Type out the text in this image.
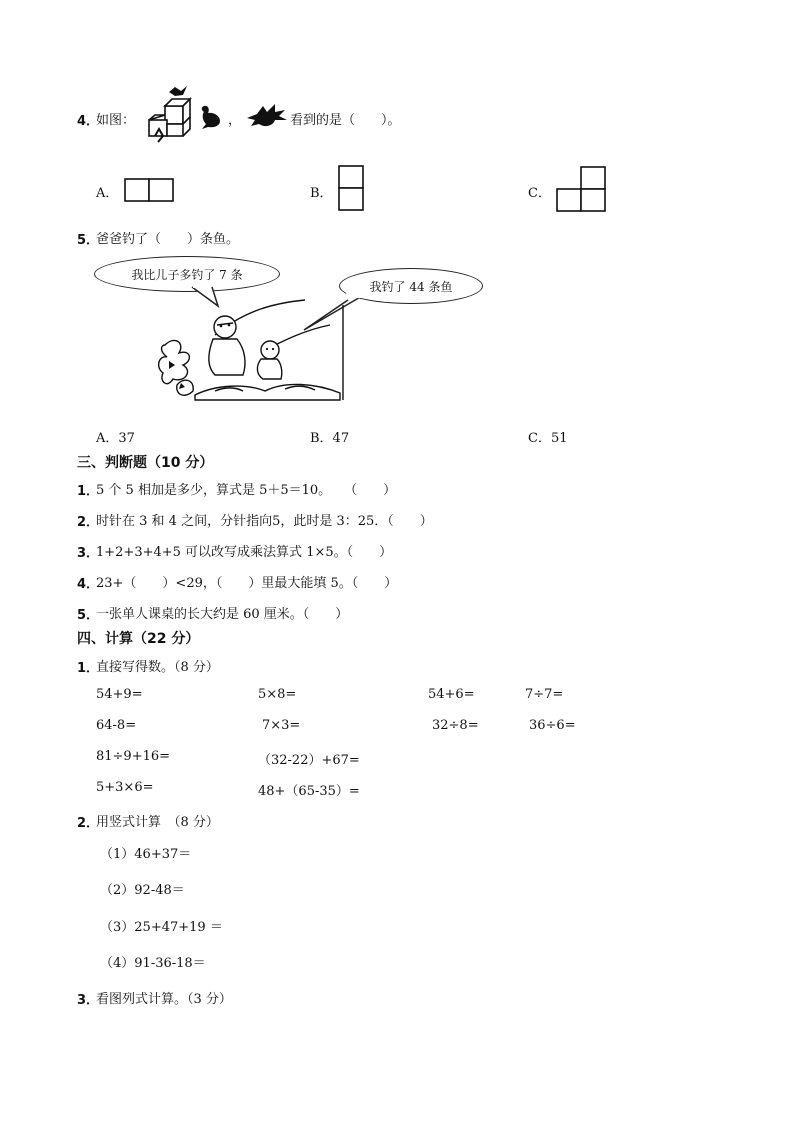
4．
如图：	，	看到的是（　　）。
A．	B．	C．
5．
爸爸钓了（　　）条鱼。
我比儿子多钓了 7 条
我钓了 44 条鱼
A．37	B．47	C．51
三、判断题（10 分）
1．
5 个 5 相加是多少，算式是 5＋5＝10。　　（　　）
2．
时针在 3 和 4 之间，分针指向5，此时是 3：25．（　　）
3．
1+2+3+4+5 可以改写成乘法算式 1×5。（　　）
4．
23+（　　）<29，（　　）里最大能填 5。（　　）
5．
一张单人课桌的长大约是 60 厘米。（　　）
四、计算（22 分）
1．
直接写得数。（8 分）
54+9=	5×8=	54+6=	7÷7=
64-8=	7×3=	32÷8=	36÷6=
81÷9+16=	（32-22）+67=
5+3×6=	48+（65-35）=
2．
用竖式计算　（8 分）
（1）46+37＝
（2）92-48＝
（3）25+47+19 ＝
（4）91-36-18＝
3．
看图列式计算。（3 分）
